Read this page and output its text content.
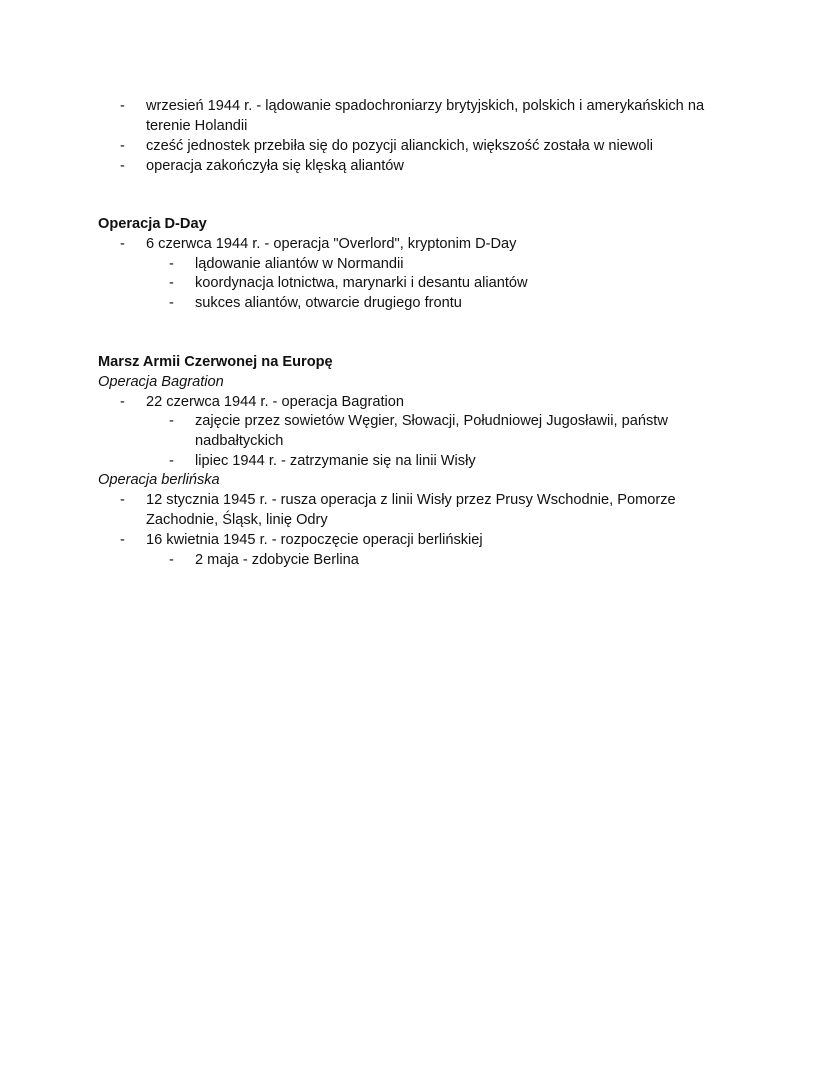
- wrzesień 1944 r. - lądowanie spadochroniarzy brytyjskich, polskich i amerykańskich na terenie Holandii
- cześć jednostek przebiła się do pozycji alianckich, większość została w niewoli
- operacja zakończyła się klęską aliantów
Operacja D-Day
- 6 czerwca 1944 r. - operacja "Overlord", kryptonim D-Day
- lądowanie aliantów w Normandii
- koordynacja lotnictwa, marynarki i desantu aliantów
- sukces aliantów, otwarcie drugiego frontu
Marsz Armii Czerwonej na Europę
Operacja Bagration
- 22 czerwca 1944 r. - operacja Bagration
- zajęcie przez sowietów Węgier, Słowacji, Południowej Jugosławii, państw nadbałtyckich
- lipiec 1944 r. - zatrzymanie się na linii Wisły
Operacja berlińska
- 12 stycznia 1945 r. - rusza operacja z linii Wisły przez Prusy Wschodnie, Pomorze Zachodnie, Śląsk, linię Odry
- 16 kwietnia 1945 r. - rozpoczęcie operacji berlińskiej
- 2 maja - zdobycie Berlina
